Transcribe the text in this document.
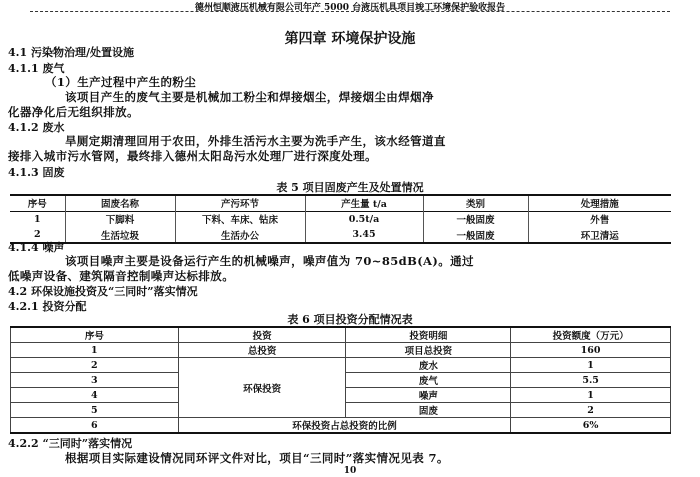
德州恒顺液压机械有限公司年产 5000 台液压机具项目竣工环境保护验收报告
第四章 环境保护设施
4.1 污染物治理/处置设施
4.1.1 废气
（1）生产过程中产生的粉尘
该项目产生的废气主要是机械加工粉尘和焊接烟尘，焊接烟尘由焊烟净
化器净化后无组织排放。
4.1.2 废水
旱厕定期清理回用于农田，外排生活污水主要为洗手产生，该水经管道直
接排入城市污水管网，最终排入德州太阳岛污水处理厂进行深度处理。
4.1.3 固废
表 5 项目固废产生及处置情况
序号	固废名称	产污环节	产生量 t/a	类别	处理措施
1	下脚料	下料、车床、钻床	0.5t/a	一般固废	外售
2	生活垃圾	生活办公	3.45	一般固废	环卫清运
4.1.4 噪声
该项目噪声主要是设备运行产生的机械噪声，噪声值为 70~85dB(A)。通过
低噪声设备、建筑隔音控制噪声达标排放。
4.2 环保设施投资及“三同时”落实情况
4.2.1 投资分配
表 6 项目投资分配情况表
序号	投资	投资明细	投资额度（万元）
1	总投资	项目总投资	160
2	环保投资	废水	1
3		废气	5.5
4		噪声	1
5		固废	2
6	环保投资占总投资的比例		6%
4.2.2 “三同时”落实情况
根据项目实际建设情况同环评文件对比，项目“三同时”落实情况见表 7。
10
